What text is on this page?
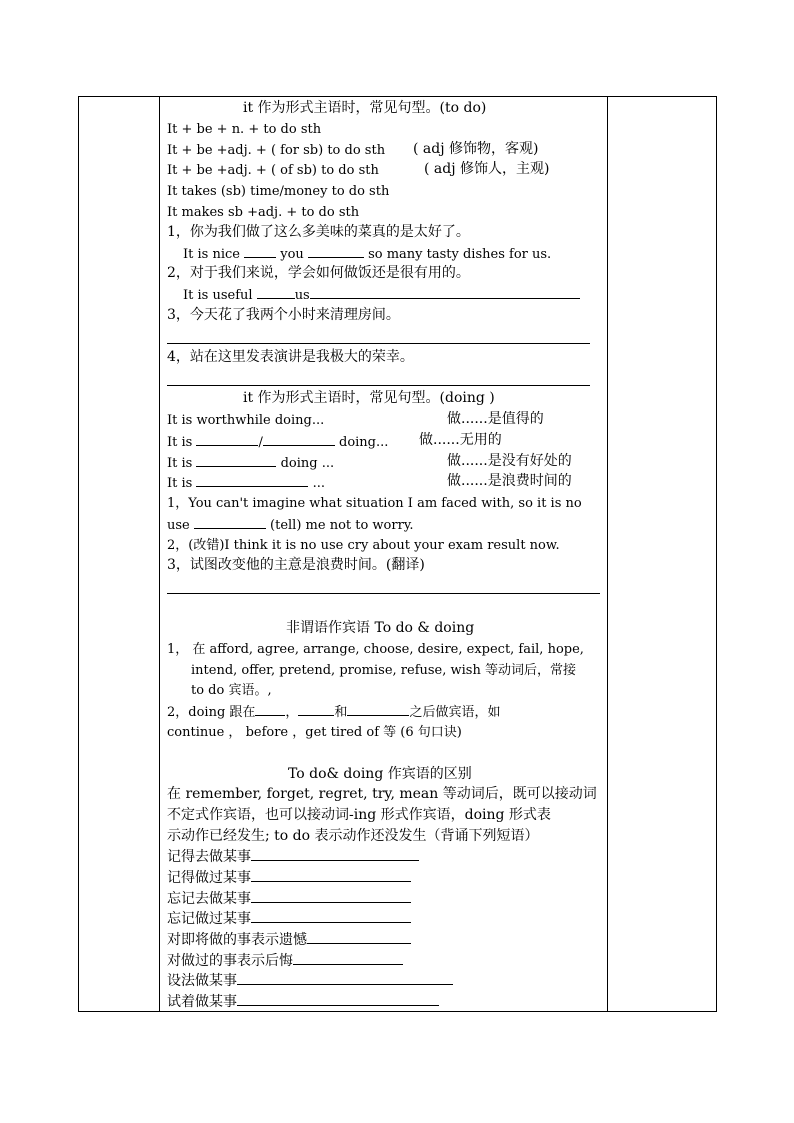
it 作为形式主语时，常见句型。(to do)
It + be + n. + to do sth
It + be +adj. + ( for sb) to do sth ( adj 修饰物，客观)
It + be +adj. + ( of sb) to do sth	( adj 修饰人，主观)
It takes (sb) time/money to do sth
It makes sb +adj. + to do sth
1，你为我们做了这么多美味的菜真的是太好了。
It is nice	you	so many tasty dishes for us.
2，对于我们来说，学会如何做饭还是很有用的。
It is useful	us
3，今天花了我两个小时来清理房间。
4，站在这里发表演讲是我极大的荣幸。
it 作为形式主语时，常见句型。(doing )
It is worthwhile doing...	做......是值得的
It is	/	doing... 做......无用的
It is	doing ...	做......是没有好处的
It is	...	做......是浪费时间的
1，You can't imagine what situation I am faced with, so it is no
use	(tell) me not to worry.
2，(改错)I think it is no use cry about your exam result now.
3，试图改变他的主意是浪费时间。(翻译)
非谓语作宾语 To do & doing
1， 在 afford, agree, arrange, choose, desire, expect, fail, hope,
intend, offer, pretend, promise, refuse, wish 等动词后，常接
to do 宾语。,
2，doing 跟在 ，	和	之后做宾语，如
continue ， before ，get tired of 等 (6 句口诀)
To do& doing 作宾语的区别
在 remember, forget, regret, try, mean 等动词后，既可以接动词
不定式作宾语，也可以接动词-ing 形式作宾语，doing 形式表
示动作已经发生; to do 表示动作还没发生（背诵下列短语）
记得去做某事
记得做过某事
忘记去做某事
忘记做过某事
对即将做的事表示遗憾
对做过的事表示后悔
设法做某事
试着做某事
